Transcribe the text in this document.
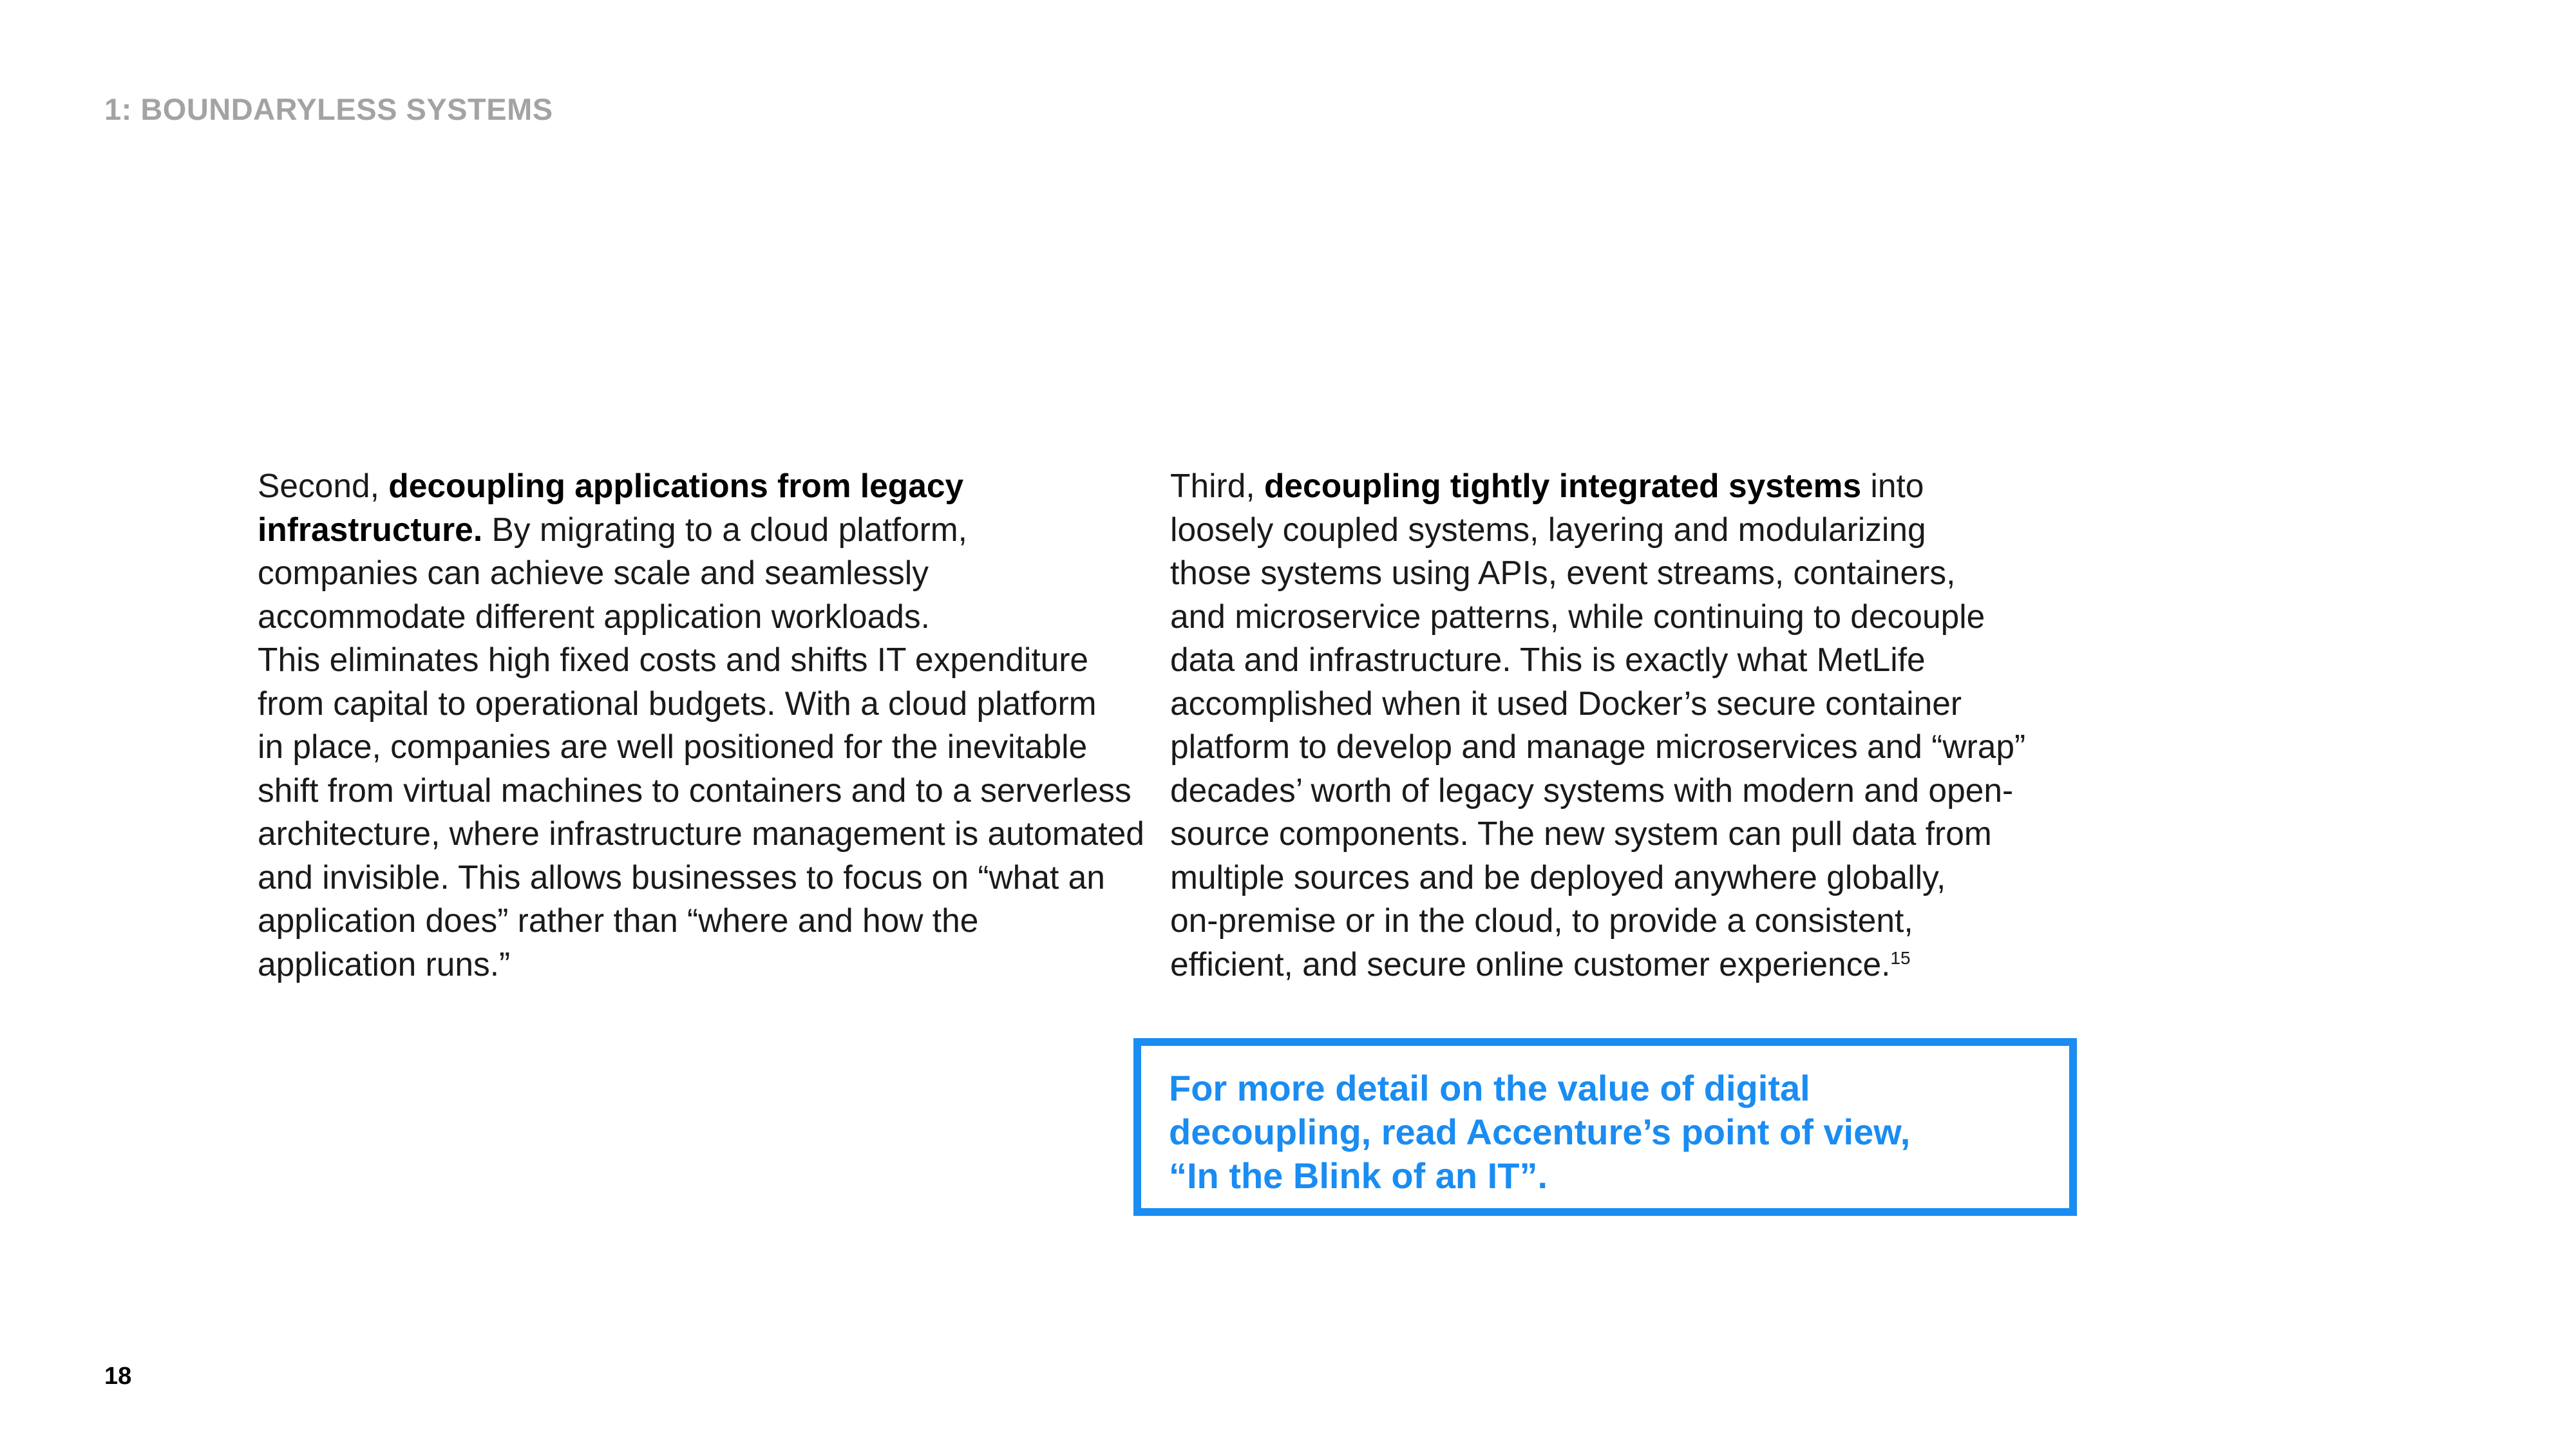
1: BOUNDARYLESS SYSTEMS
Second, decoupling applications from legacy
infrastructure. By migrating to a cloud platform,
companies can achieve scale and seamlessly
accommodate different application workloads.
This eliminates high fixed costs and shifts IT expenditure
from capital to operational budgets. With a cloud platform
in place, companies are well positioned for the inevitable
shift from virtual machines to containers and to a serverless
architecture, where infrastructure management is automated
and invisible. This allows businesses to focus on “what an
application does” rather than “where and how the
application runs.”
Third, decoupling tightly integrated systems into
loosely coupled systems, layering and modularizing
those systems using APIs, event streams, containers,
and microservice patterns, while continuing to decouple
data and infrastructure. This is exactly what MetLife
accomplished when it used Docker’s secure container
platform to develop and manage microservices and “wrap”
decades’ worth of legacy systems with modern and open-
source components. The new system can pull data from
multiple sources and be deployed anywhere globally,
on-premise or in the cloud, to provide a consistent,
efficient, and secure online customer experience.$^{15}$
For more detail on the value of digital
decoupling, read Accenture’s point of view,
“In the Blink of an IT”.
18
